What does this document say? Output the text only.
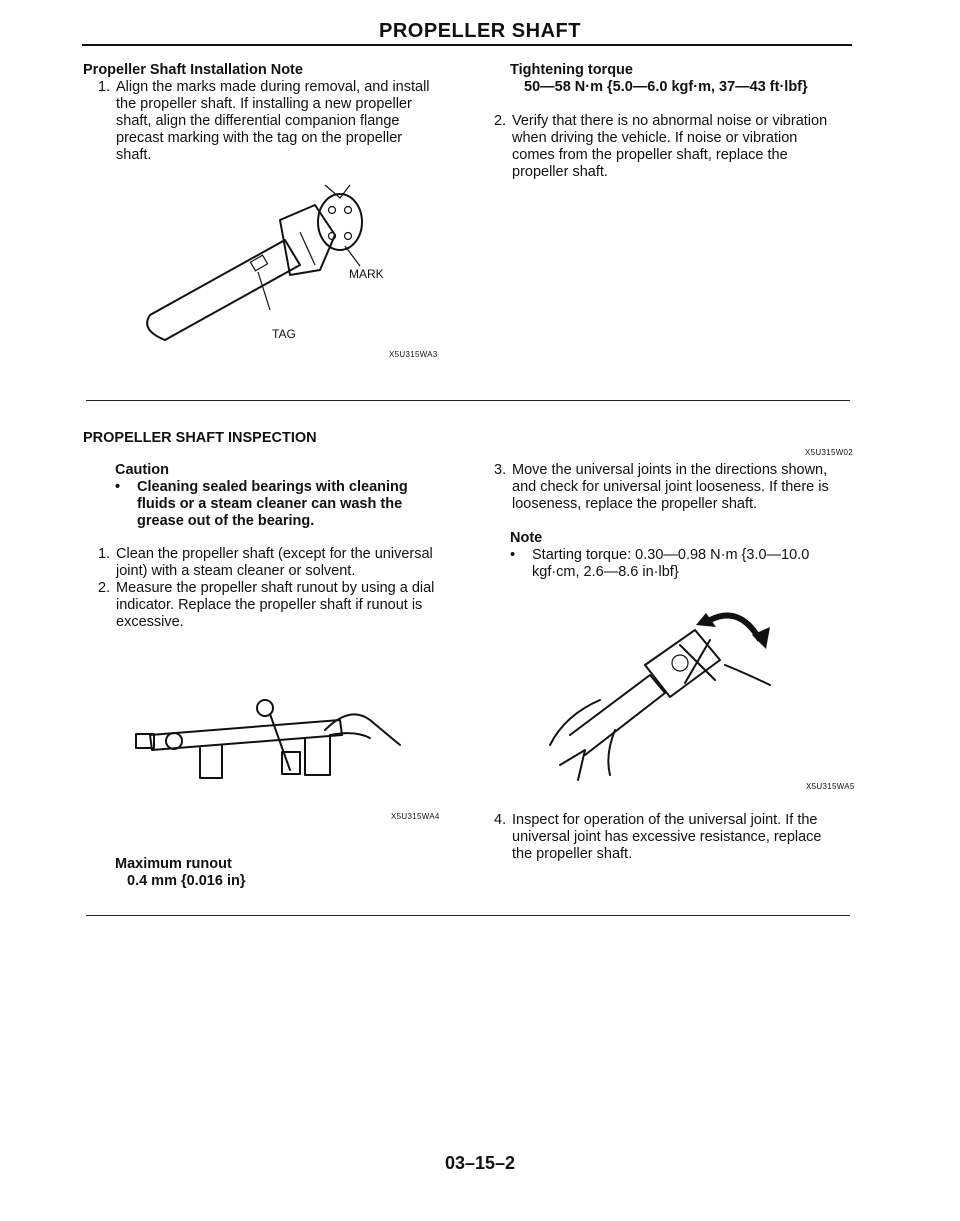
PROPELLER SHAFT
Propeller Shaft Installation Note
1. Align the marks made during removal, and install
the propeller shaft. If installing a new propeller
shaft, align the differential companion flange
precast marking with the tag on the propeller
shaft.
MARK
TAG
X5U315WA3
Tightening torque
50—58 N·m {5.0—6.0 kgf·m, 37—43 ft·lbf}
2. Verify that there is no abnormal noise or vibration
when driving the vehicle. If noise or vibration
comes from the propeller shaft, replace the
propeller shaft.
PROPELLER SHAFT INSPECTION
Caution
•	Cleaning sealed bearings with cleaning
fluids or a steam cleaner can wash the
grease out of the bearing.
1. Clean the propeller shaft (except for the universal
joint) with a steam cleaner or solvent.
2. Measure the propeller shaft runout by using a dial
indicator. Replace the propeller shaft if runout is
excessive.
X5U315WA4
Maximum runout
0.4 mm {0.016 in}
X5U315W02
3. Move the universal joints in the directions shown,
and check for universal joint looseness. If there is
looseness, replace the propeller shaft.
Note
•	Starting torque: 0.30—0.98 N·m {3.0—10.0
kgf·cm, 2.6—8.6 in·lbf}
X5U315WA5
4. Inspect for operation of the universal joint. If the
universal joint has excessive resistance, replace
the propeller shaft.
03–15–2
